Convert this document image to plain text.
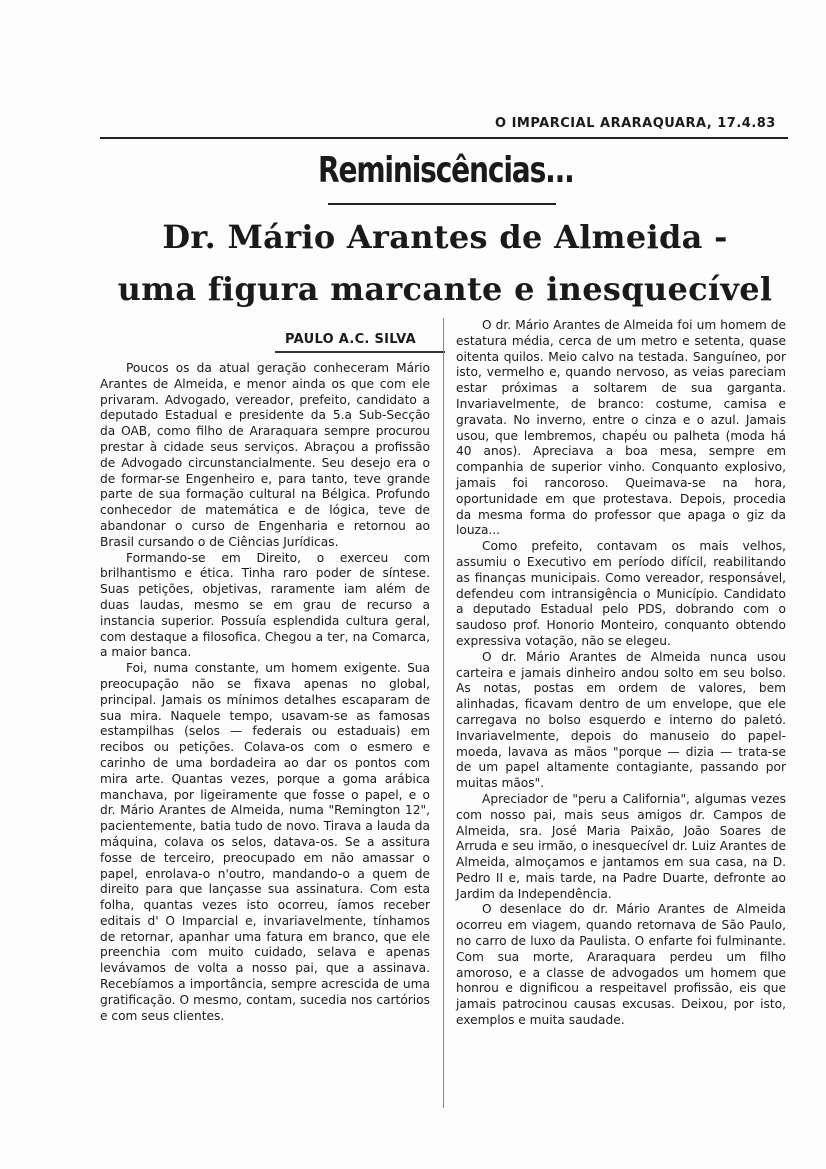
O IMPARCIAL ARARAQUARA, 17.4.83
Reminiscências...
Dr. Mário Arantes de Almeida -
uma figura marcante e inesquecível
PAULO A.C. SILVA

Poucos os da atual geração conheceram Mário Arantes de Almeida, e menor ainda os que com ele privaram. Advogado, vereador, prefeito, candidato a deputado Estadual e presidente da 5.a Sub-Secção da OAB, como filho de Araraquara sempre procurou prestar à cidade seus serviços. Abraçou a profissão de Advogado circunstancialmente. Seu desejo era o de formar-se Engenheiro e, para tanto, teve grande parte de sua formação cultural na Bélgica. Profundo conhecedor de matemática e de lógica, teve de abandonar o curso de Engenharia e retornou ao Brasil cursando o de Ciências Jurídicas.

Formando-se em Direito, o exerceu com brilhantismo e ética. Tinha raro poder de síntese. Suas petições, objetivas, raramente iam além de duas laudas, mesmo se em grau de recurso a instancia superior. Possuía esplendida cultura geral, com destaque a filosofica. Chegou a ter, na Comarca, a maior banca.

Foi, numa constante, um homem exigente. Sua preocupação não se fixava apenas no global, principal. Jamais os mínimos detalhes escaparam de sua mira. Naquele tempo, usavam-se as famosas estampilhas (selos — federais ou estaduais) em recibos ou petições. Colava-os com o esmero e carinho de uma bordadeira ao dar os pontos com mira arte. Quantas vezes, porque a goma arábica manchava, por ligeiramente que fosse o papel, e o dr. Mário Arantes de Almeida, numa "Remington 12", pacientemente, batia tudo de novo. Tirava a lauda da máquina, colava os selos, datava-os. Se a assitura fosse de terceiro, preocupado em não amassar o papel, enrolava-o n'outro, mandando-o a quem de direito para que lançasse sua assinatura. Com esta folha, quantas vezes isto ocorreu, íamos receber editais d' O Imparcial e, invariavelmente, tínhamos de retornar, apanhar uma fatura em branco, que ele preenchia com muito cuidado, selava e apenas levávamos de volta a nosso pai, que a assinava. Recebíamos a importância, sempre acrescida de uma gratificação. O mesmo, contam, sucedia nos cartórios e com seus clientes.

O dr. Mário Arantes de Almeida foi um homem de estatura média, cerca de um metro e setenta, quase oitenta quilos. Meio calvo na testada. Sanguíneo, por isto, vermelho e, quando nervoso, as veias pareciam estar próximas a soltarem de sua garganta. Invariavelmente, de branco: costume, camisa e gravata. No inverno, entre o cinza e o azul. Jamais usou, que lembremos, chapéu ou palheta (moda há 40 anos). Apreciava a boa mesa, sempre em companhia de superior vinho. Conquanto explosivo, jamais foi rancoroso. Queimava-se na hora, oportunidade em que protestava. Depois, procedia da mesma forma do professor que apaga o giz da louza...

Como prefeito, contavam os mais velhos, assumiu o Executivo em período difícil, reabilitando as finanças municipais. Como vereador, responsável, defendeu com intransigência o Município. Candidato a deputado Estadual pelo PDS, dobrando com o saudoso prof. Honorio Monteiro, conquanto obtendo expressiva votação, não se elegeu.

O dr. Mário Arantes de Almeida nunca usou carteira e jamais dinheiro andou solto em seu bolso. As notas, postas em ordem de valores, bem alinhadas, ficavam dentro de um envelope, que ele carregava no bolso esquerdo e interno do paletó. Invariavelmente, depois do manuseio do papel-moeda, lavava as mãos "porque — dizia — trata-se de um papel altamente contagiante, passando por muitas mãos".

Apreciador de "peru a California", algumas vezes com nosso pai, mais seus amigos dr. Campos de Almeida, sra. José Maria Paixão, João Soares de Arruda e seu irmão, o inesquecível dr. Luiz Arantes de Almeida, almoçamos e jantamos em sua casa, na D. Pedro II e, mais tarde, na Padre Duarte, defronte ao Jardim da Independência.

O desenlace do dr. Mário Arantes de Almeida ocorreu em viagem, quando retornava de São Paulo, no carro de luxo da Paulista. O enfarte foi fulminante. Com sua morte, Araraquara perdeu um filho amoroso, e a classe de advogados um homem que honrou e dignificou a respeitavel profissão, eis que jamais patrocinou causas excusas. Deixou, por isto, exemplos e muita saudade.
